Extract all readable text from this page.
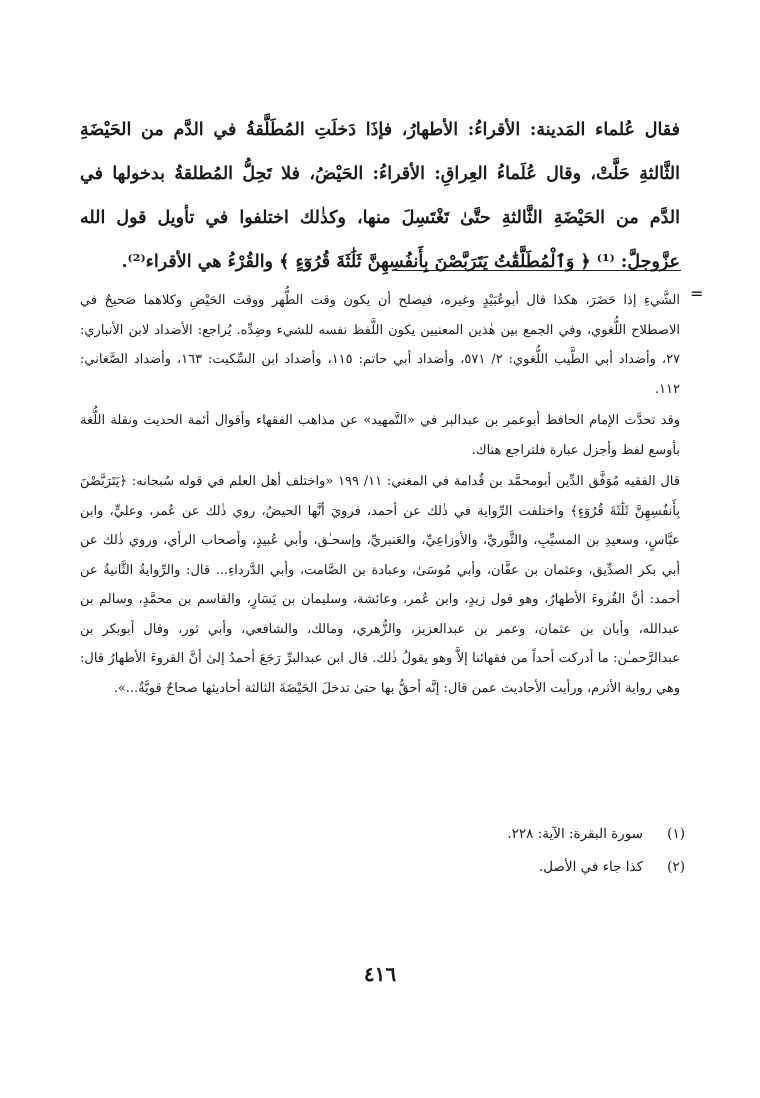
فقال عُلماء المَدينة: الأقراءُ: الأطهارُ، فإذَا دَخلَتِ المُطَلَّقةُ في الدَّم من الحَيْضَةِ الثَّالثةِ حَلَّتْ، وقال عُلَماءُ العِراقِ: الأقراءُ: الحَيْضُ، فلا تَحِلُّ المُطلقةُ بدخولها في الدَّم من الحَيْضَةِ الثَّالثةِ حتَّىٰ تَغْتَسِلَ منها، وكذٰلك اختلفوا في تأويل قول الله عزَّوجلَّ: ⁽¹⁾ ﴿ وَٱلْمُطَلَّقَٰتُ يَتَرَبَّصْنَ بِأَنفُسِهِنَّ ثَلَٰثَةَ قُرُوٓءٍ ﴾ والقُرْءُ هي الأقراء⁽²⁾.

=

الشَّيءِ إذا حَضَرَ، هكذا قال أبوعُبَيْدٍ وغيره، فيصلح أن يكون وقت الطُّهر ووقت الحَيْضِ وكلاهما صَحيحٌ في الاصطلاح اللُّغوي، وفي الجمع بين هٰذين المعنيين يكون اللَّفظ نفسه للشيء وضِدِّه. يُراجع: الأضداد لابن الأنباري: ٢٧، وأضداد أبي الطَّيب اللُّغوي: ٢/ ٥٧١، وأضداد أبي حاتم: ١١٥، وأضداد ابن السِّكيت: ١٦٣، وأضداد الصَّغاني: ١١٢.

وقد تحدَّث الإمام الحافظ أبوعمر بن عبدالبر في «التَّمهيد» عن مذاهب الفقهاء وأقوال أئمة الحديث ونقلة اللُّغة بأوسع لفظ وأجزل عبارة فلتراجع هناك.

قال الفقيه مُوَفَّق الدِّين أبومحمَّد بن قُدامة في المغني: ١١/ ١٩٩ «واختلف أهل العلم في قوله سُبحانه: ﴿يَتَرَبَّصْنَ بِأَنفُسِهِنَّ ثَلَٰثَةَ قُرُوٓءٍ﴾ واختلفت الرِّواية في ذٰلك عن أحمد، فرويَ أنَّها الحيضُ، روي ذٰلك عن عُمر، وعليٍّ، وابن عبَّاسٍ، وسعيدِ بن المسيِّبِ، والثَّوريِّ، والأوزاعِيِّ، والعَنبريِّ، وإسحـٰق، وأبي عُبيدٍ، وأصحاب الرأي، وروي ذٰلك عن أبي بكر الصدِّيق، وعثمان بن عفَّان، وأبي مُوسَىٰ، وعبادة بن الصَّامت، وأبي الدَّرداءِ... قال: والرِّوايةُ الثَّانيةُ عن أحمد: أنَّ القُروءَ الأطهارُ، وهو قول زيدٍ، وابن عُمر، وعائشة، وسليمان بن يَسَارٍ، والقاسم بن محمَّدٍ، وسالم بن عبدالله، وأبان بن عثمان، وعمر بن عبدالعزيز، والزُّهري، ومالك، والشافعي، وأبي ثور، وقال أبوبكر بن عبدالرَّحمـٰن: ما أدركت أحداً من فقهائنا إلاَّ وهو يقولُ ذٰلك. قال ابن عبدالبرِّ رَجَعَ أحمدُ إلىٰ أنَّ القروءَ الأطهارُ قال: وهي رواية الأثرم، ورأيت الأحاديث عمن قال: إنَّه أحقُّ بها حتىٰ تدخلَ الحَيْضَةَ الثالثة أحاديثها صحاحٌ قويَّةٌ...».

(١)
سورة البقرة: الآية: ٢٢٨.
(٢)
كذا جاء في الأصل.
٤١٦
